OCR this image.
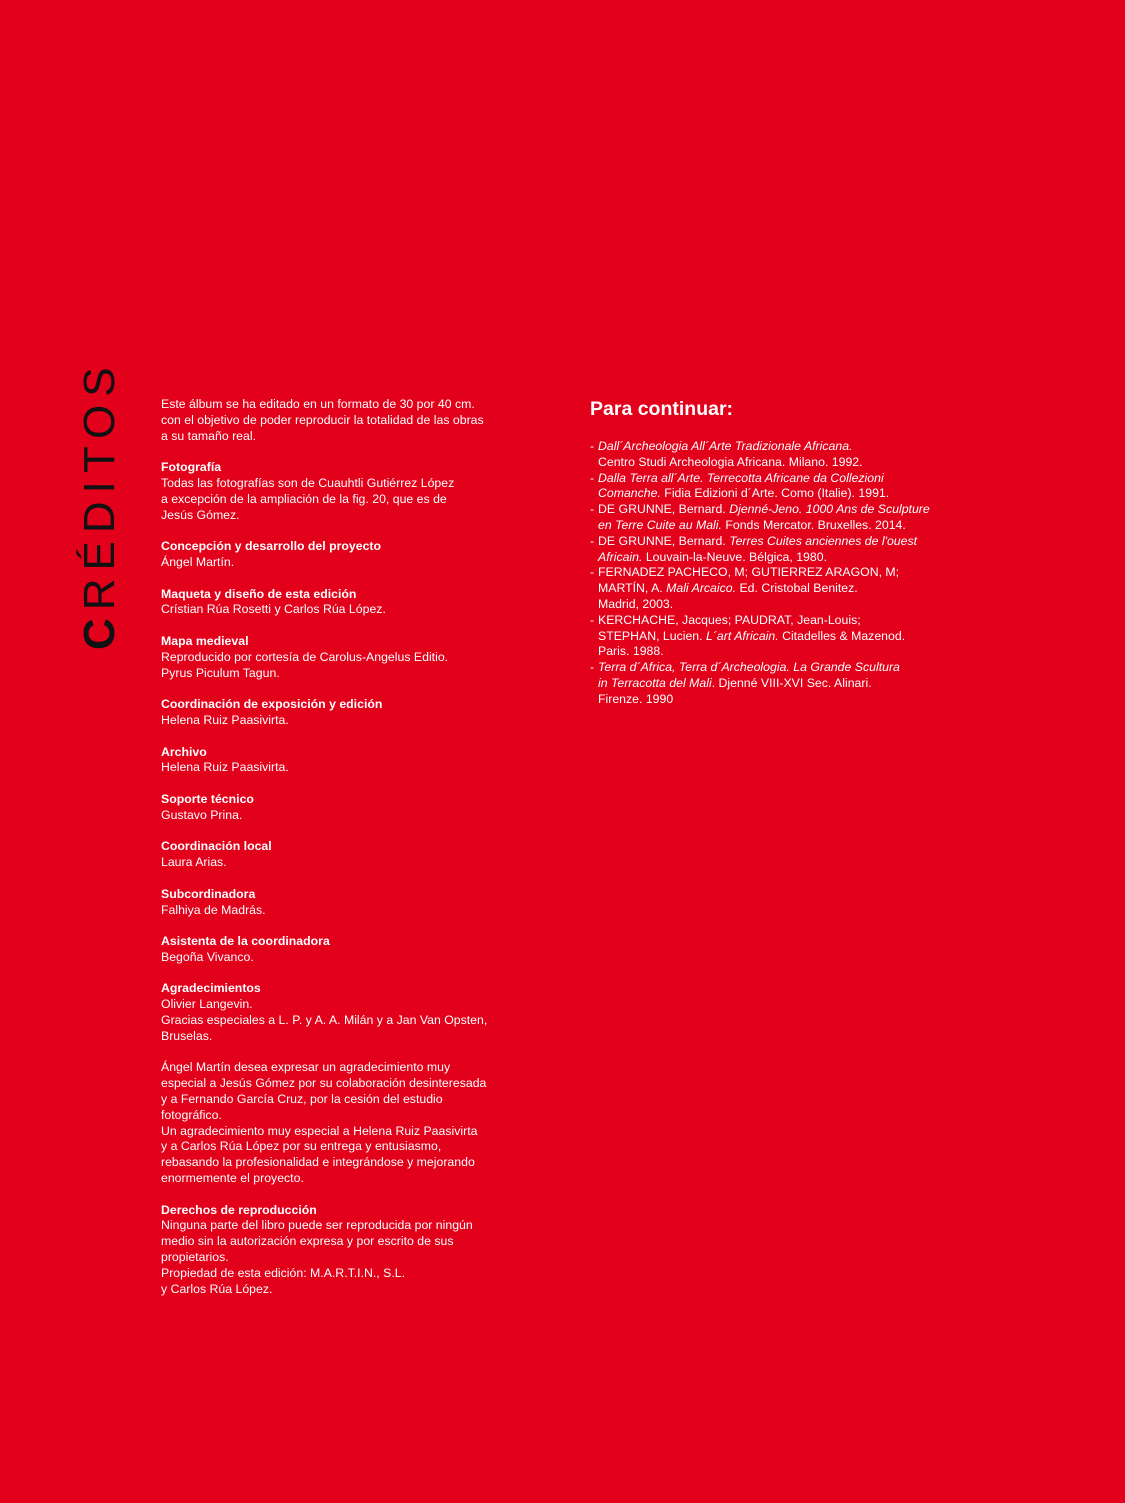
CRÉDITOS	Este álbum se ha editado en un formato de 30 por 40 cm.
con el objetivo de poder reproducir la totalidad de las obras
a su tamaño real.

Fotografía
Todas las fotografías son de Cuauhtli Gutiérrez López
a excepción de la ampliación de la fig. 20, que es de
Jesús Gómez.

Concepción y desarrollo del proyecto
Ángel Martín.

Maqueta y diseño de esta edición
Crístian Rúa Rosetti y Carlos Rúa López.

Mapa medieval
Reproducido por cortesía de Carolus-Angelus Editio.
Pyrus Piculum Tagun.

Coordinación de exposición y edición
Helena Ruiz Paasivirta.

Archivo
Helena Ruiz Paasivirta.

Soporte técnico
Gustavo Prina.

Coordinación local
Laura Arias.

Subcordinadora
Falhiya de Madrás.

Asistenta de la coordinadora
Begoña Vivanco.

Agradecimientos
Olivier Langevin.
Gracias especiales a L. P. y A. A. Milán y a Jan Van Opsten,
Bruselas.

Ángel Martín desea expresar un agradecimiento muy
especial a Jesús Gómez por su colaboración desinteresada
y a Fernando García Cruz, por la cesión del estudio
fotográfico.
Un agradecimiento muy especial a Helena Ruiz Paasivirta
y a Carlos Rúa López por su entrega y entusiasmo,
rebasando la profesionalidad e integrándose y mejorando
enormemente el proyecto.

Derechos de reproducción
Ninguna parte del libro puede ser reproducida por ningún
medio sin la autorización expresa y por escrito de sus
propietarios.
Propiedad de esta edición: M.A.R.T.I.N., S.L.
y Carlos Rúa López.

Para continuar:
- Dall´Archeologia All´Arte Tradizionale Africana.
Centro Studi Archeologia Africana. Milano. 1992.
- Dalla Terra all´Arte. Terrecotta Africane da Collezioni
Comanche. Fidia Edizioni d´Arte. Como (Italie). 1991.
- DE GRUNNE, Bernard. Djenné-Jeno. 1000 Ans de Sculpture
en Terre Cuite au Mali. Fonds Mercator. Bruxelles. 2014.
- DE GRUNNE, Bernard. Terres Cuites anciennes de l'ouest
Africain. Louvain-la-Neuve. Bélgica, 1980.
- FERNADEZ PACHECO, M; GUTIERREZ ARAGON, M;
MARTÍN, A. Mali Arcaico. Ed. Cristobal Benitez.
Madrid, 2003.
- KERCHACHE, Jacques; PAUDRAT, Jean-Louis;
STEPHAN, Lucien. L´art Africain. Citadelles & Mazenod.
Paris. 1988.
- Terra d´Africa, Terra d´Archeologia. La Grande Scultura
in Terracotta del Mali. Djenné VIII-XVI Sec. Alinari.
Firenze. 1990
